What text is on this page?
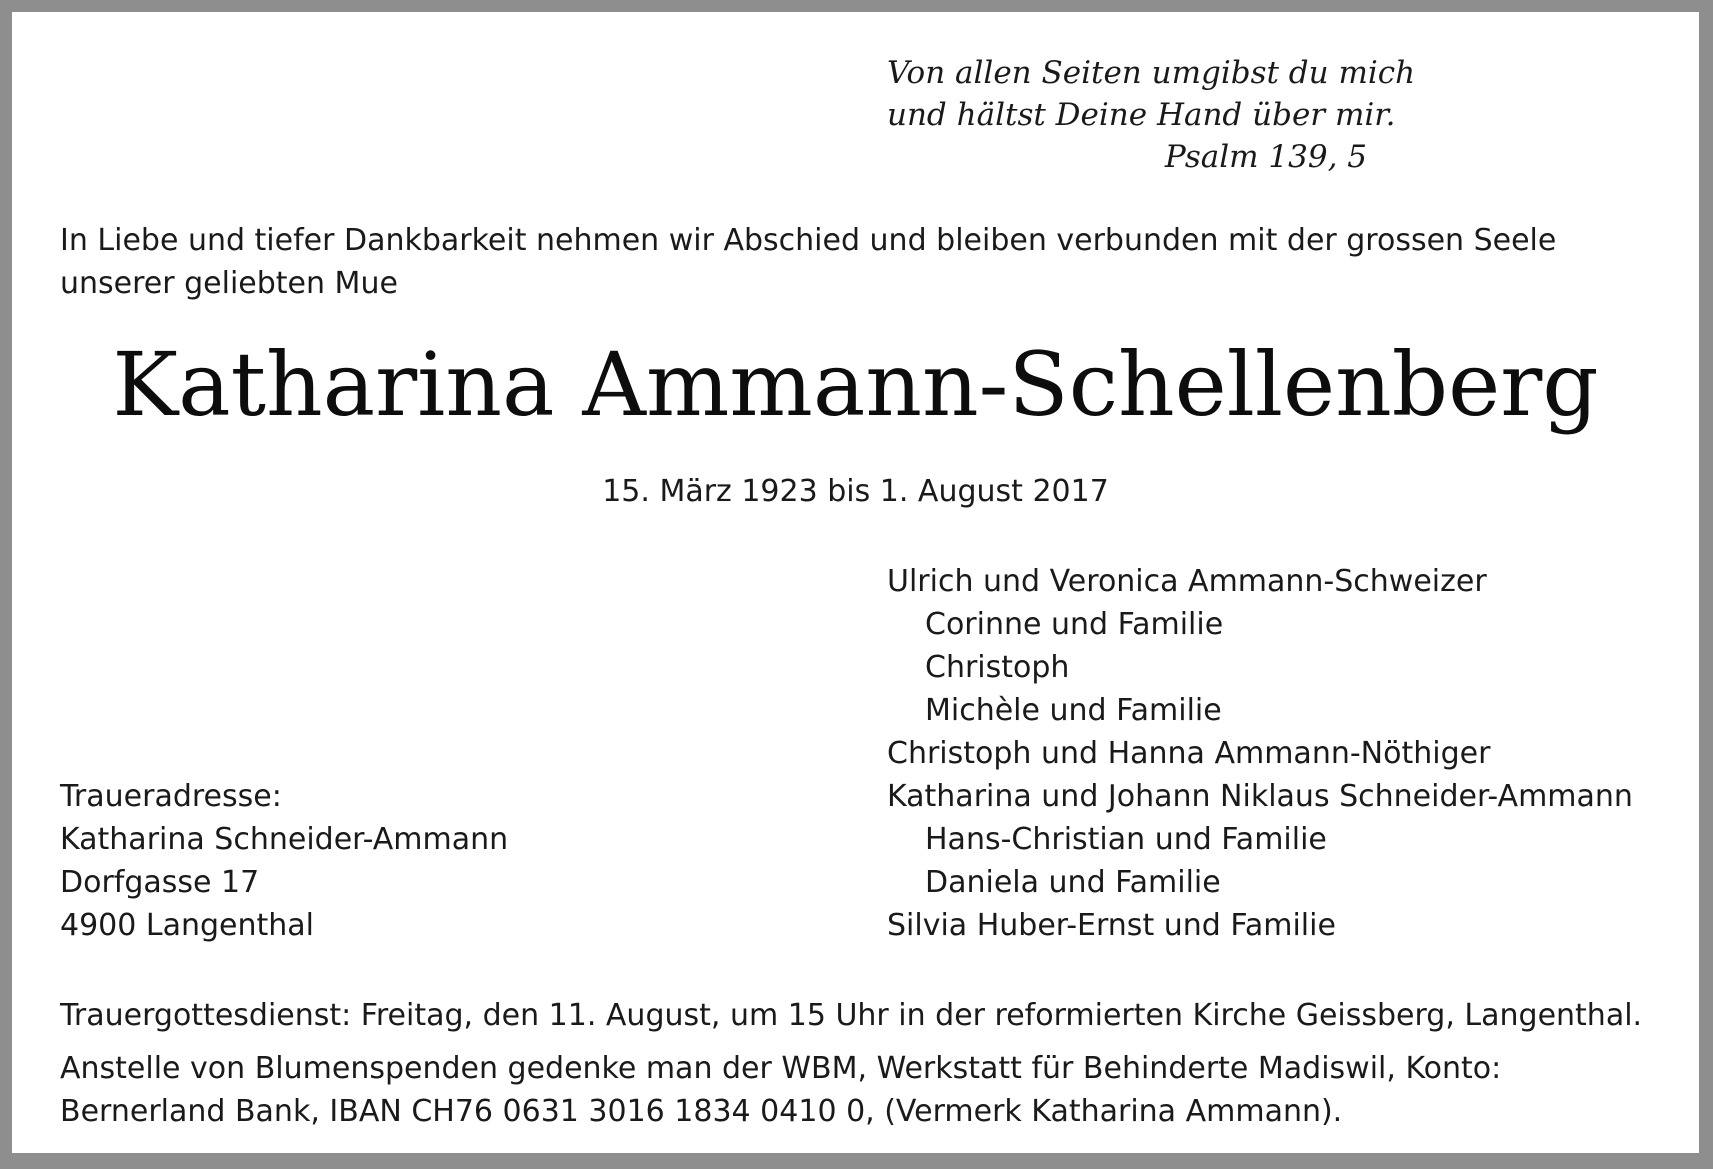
Von allen Seiten umgibst du mich
und hältst Deine Hand über mir.
Psalm 139, 5
In Liebe und tiefer Dankbarkeit nehmen wir Abschied und bleiben verbunden mit der grossen Seele unserer geliebten Mue
Katharina Ammann-Schellenberg
15. März 1923 bis 1. August 2017
Ulrich und Veronica Ammann-Schweizer
Corinne und Familie
Christoph
Michèle und Familie
Christoph und Hanna Ammann-Nöthiger
Katharina und Johann Niklaus Schneider-Ammann
Hans-Christian und Familie
Daniela und Familie
Silvia Huber-Ernst und Familie
Traueradresse:
Katharina Schneider-Ammann
Dorfgasse 17
4900 Langenthal
Trauergottesdienst: Freitag, den 11. August, um 15 Uhr in der reformierten Kirche Geissberg, Langenthal.
Anstelle von Blumenspenden gedenke man der WBM, Werkstatt für Behinderte Madiswil, Konto: Bernerland Bank, IBAN CH76 0631 3016 1834 0410 0, (Vermerk Katharina Ammann).
